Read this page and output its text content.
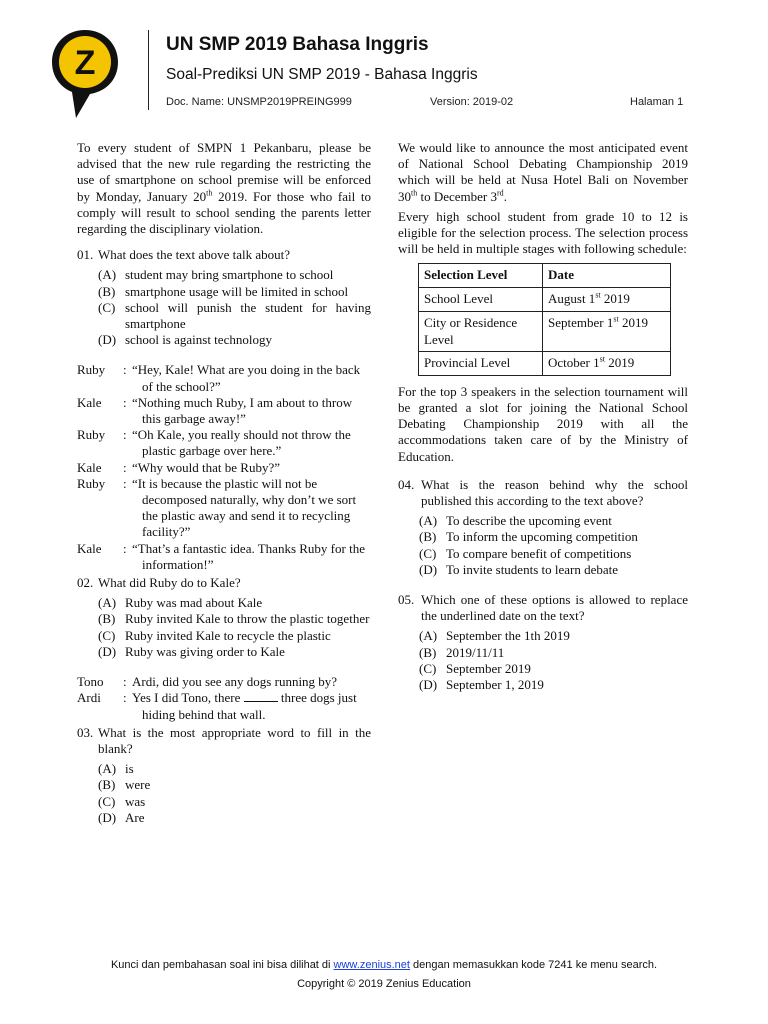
Z	UN SMP 2019 Bahasa Inggris
Soal-Prediksi UN SMP 2019 - Bahasa Inggris
Doc. Name: UNSMP2019PREING999	Version: 2019-02	Halaman 1

To every student of SMPN 1 Pekanbaru, please be advised that the new rule regarding the restricting the use of smartphone on school premise will be enforced by Monday, January 20th 2019. For those who fail to comply will result to school sending the parents letter regarding the disciplinary violation.

01. What does the text above talk about?
(A) student may bring smartphone to school
(B) smartphone usage will be limited in school
(C) school will punish the student for having smartphone
(D) school is against technology
Ruby	: “Hey, Kale! What are you doing in the back of the school?”
Kale	: “Nothing much Ruby, I am about to throw this garbage away!”
Ruby	: “Oh Kale, you really should not throw the plastic garbage over here.”
Kale	: “Why would that be Ruby?”
Ruby	: “It is because the plastic will not be decomposed naturally, why don’t we sort the plastic away and send it to recycling facility?”
Kale	: “That’s a fantastic idea. Thanks Ruby for the information!”
02. What did Ruby do to Kale?
(A) Ruby was mad about Kale
(B) Ruby invited Kale to throw the plastic together
(C) Ruby invited Kale to recycle the plastic
(D) Ruby was giving order to Kale
Tono	: Ardi, did you see any dogs running by?
Ardi	: Yes I did Tono, there	three dogs just hiding behind that wall.
03. What is the most appropriate word to fill in the blank?
(A) is
(B) were
(C) was
(D) Are

We would like to announce the most anticipated event of National School Debating Championship 2019 which will be held at Nusa Hotel Bali on November 30th to December 3rd.

Every high school student from grade 10 to 12 is eligible for the selection process. The selection process will be held in multiple stages with following schedule:

Selection Level	Date
School Level	August 1st 2019
City or Residence Level	September 1st 2019
Provincial Level	October 1st 2019

For the top 3 speakers in the selection tournament will be granted a slot for joining the National School Debating Championship 2019 with all the accommodations taken care of by the Ministry of Education.

04. What is the reason behind why the school published this according to the text above?
(A) To describe the upcoming event
(B) To inform the upcoming competition
(C) To compare benefit of competitions
(D) To invite students to learn debate
05. Which one of these options is allowed to replace the underlined date on the text?
(A) September the 1th 2019
(B) 2019/11/11
(C) September 2019
(D) September 1, 2019
Kunci dan pembahasan soal ini bisa dilihat di www.zenius.net dengan memasukkan kode 7241 ke menu search.
Copyright © 2019 Zenius Education
